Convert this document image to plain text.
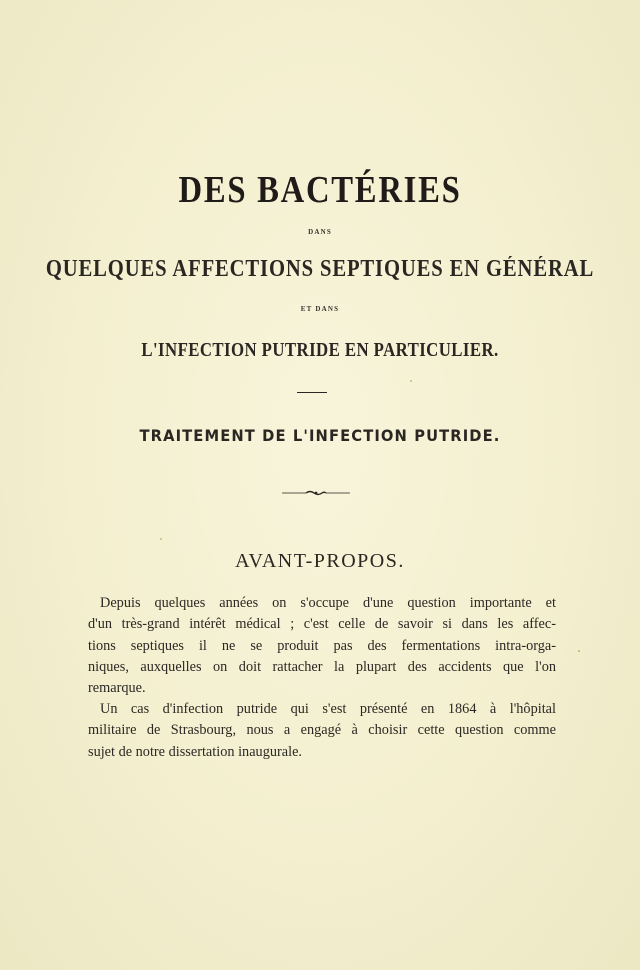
DES BACTÉRIES
DANS
QUELQUES AFFECTIONS SEPTIQUES EN GÉNÉRAL
ET DANS
L'INFECTION PUTRIDE EN PARTICULIER.
TRAITEMENT DE L'INFECTION PUTRIDE.
AVANT-PROPOS.
Depuis quelques années on s'occupe d'une question importante et
d'un très-grand intérêt médical ; c'est celle de savoir si dans les affec-
tions septiques il ne se produit pas des fermentations intra-orga-
niques, auxquelles on doit rattacher la plupart des accidents que l'on
remarque.
Un cas d'infection putride qui s'est présenté en 1864 à l'hôpital
militaire de Strasbourg, nous a engagé à choisir cette question comme
sujet de notre dissertation inaugurale.
